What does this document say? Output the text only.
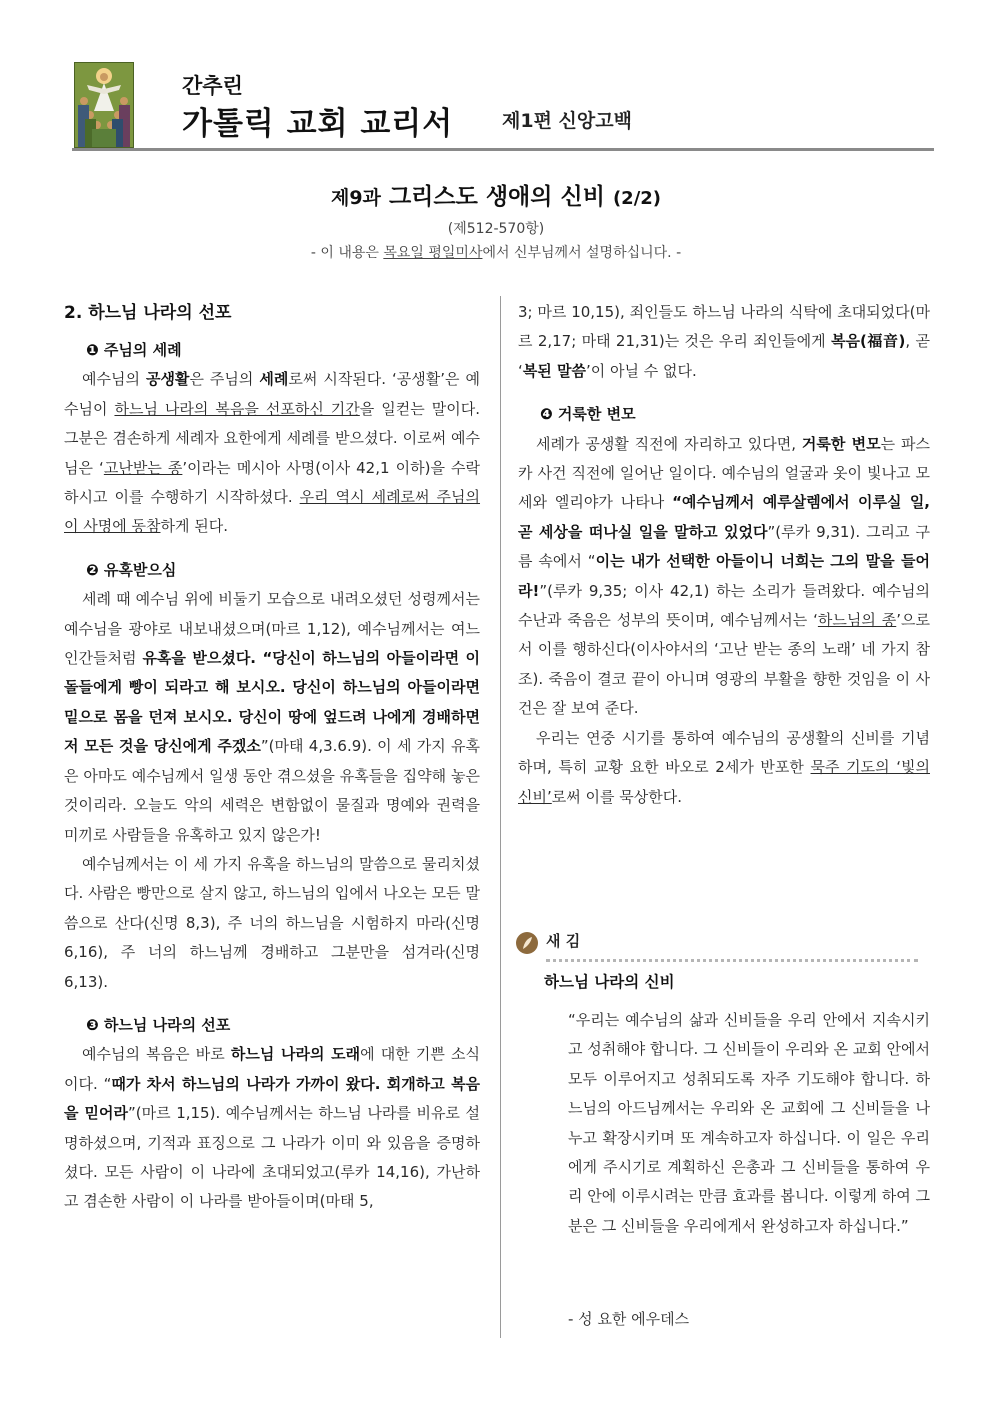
간추린
가톨릭 교회 교리서	제1편 신앙고백
제9과 그리스도 생애의 신비 (2/2)
(제512-570항)
- 이 내용은 목요일 평일미사에서 신부님께서 설명하십니다. -
2. 하느님 나라의 선포
❶ 주님의 세례

예수님의 공생활은 주님의 세례로써 시작된다. ‘공생활’은 예수님이 하느님 나라의 복음을 선포하신 기간을 일컫는 말이다. 그분은 겸손하게 세례자 요한에게 세례를 받으셨다. 이로써 예수님은 ‘고난받는 종’이라는 메시아 사명(이사 42,1 이하)을 수락하시고 이를 수행하기 시작하셨다. 우리 역시 세례로써 주님의 이 사명에 동참하게 된다.

❷ 유혹받으심

세례 때 예수님 위에 비둘기 모습으로 내려오셨던 성령께서는 예수님을 광야로 내보내셨으며(마르 1,12), 예수님께서는 여느 인간들처럼 유혹을 받으셨다. “당신이 하느님의 아들이라면 이 돌들에게 빵이 되라고 해 보시오. 당신이 하느님의 아들이라면 밑으로 몸을 던져 보시오. 당신이 땅에 엎드려 나에게 경배하면 저 모든 것을 당신에게 주겠소”(마태 4,3.6.9). 이 세 가지 유혹은 아마도 예수님께서 일생 동안 겪으셨을 유혹들을 집약해 놓은 것이리라. 오늘도 악의 세력은 변함없이 물질과 명예와 권력을 미끼로 사람들을 유혹하고 있지 않은가!

예수님께서는 이 세 가지 유혹을 하느님의 말씀으로 물리치셨다. 사람은 빵만으로 살지 않고, 하느님의 입에서 나오는 모든 말씀으로 산다(신명 8,3), 주 너의 하느님을 시험하지 마라(신명 6,16), 주 너의 하느님께 경배하고 그분만을 섬겨라(신명 6,13).

❸ 하느님 나라의 선포

예수님의 복음은 바로 하느님 나라의 도래에 대한 기쁜 소식이다. “때가 차서 하느님의 나라가 가까이 왔다. 회개하고 복음을 믿어라”(마르 1,15). 예수님께서는 하느님 나라를 비유로 설명하셨으며, 기적과 표징으로 그 나라가 이미 와 있음을 증명하셨다. 모든 사람이 이 나라에 초대되었고(루카 14,16), 가난하고 겸손한 사람이 이 나라를 받아들이며(마태 5,

3; 마르 10,15), 죄인들도 하느님 나라의 식탁에 초대되었다(마르 2,17; 마태 21,31)는 것은 우리 죄인들에게 복음(福音), 곧 ‘복된 말씀’이 아닐 수 없다.

❹ 거룩한 변모

세례가 공생활 직전에 자리하고 있다면, 거룩한 변모는 파스카 사건 직전에 일어난 일이다. 예수님의 얼굴과 옷이 빛나고 모세와 엘리야가 나타나 “예수님께서 예루살렘에서 이루실 일, 곧 세상을 떠나실 일을 말하고 있었다”(루카 9,31). 그리고 구름 속에서 “이는 내가 선택한 아들이니 너희는 그의 말을 들어라!”(루카 9,35; 이사 42,1) 하는 소리가 들려왔다. 예수님의 수난과 죽음은 성부의 뜻이며, 예수님께서는 ‘하느님의 종’으로서 이를 행하신다(이사야서의 ‘고난 받는 종의 노래’ 네 가지 참조). 죽음이 결코 끝이 아니며 영광의 부활을 향한 것임을 이 사건은 잘 보여 준다.

우리는 연중 시기를 통하여 예수님의 공생활의 신비를 기념하며, 특히 교황 요한 바오로 2세가 반포한 묵주 기도의 ‘빛의 신비’로써 이를 묵상한다.

새 김
하느님 나라의 신비

“우리는 예수님의 삶과 신비들을 우리 안에서 지속시키고 성취해야 합니다. 그 신비들이 우리와 온 교회 안에서 모두 이루어지고 성취되도록 자주 기도해야 합니다. 하느님의 아드님께서는 우리와 온 교회에 그 신비들을 나누고 확장시키며 또 계속하고자 하십니다. 이 일은 우리에게 주시기로 계획하신 은총과 그 신비들을 통하여 우리 안에 이루시려는 만큼 효과를 봅니다. 이렇게 하여 그분은 그 신비들을 우리에게서 완성하고자 하십니다.”

- 성 요한 에우데스
